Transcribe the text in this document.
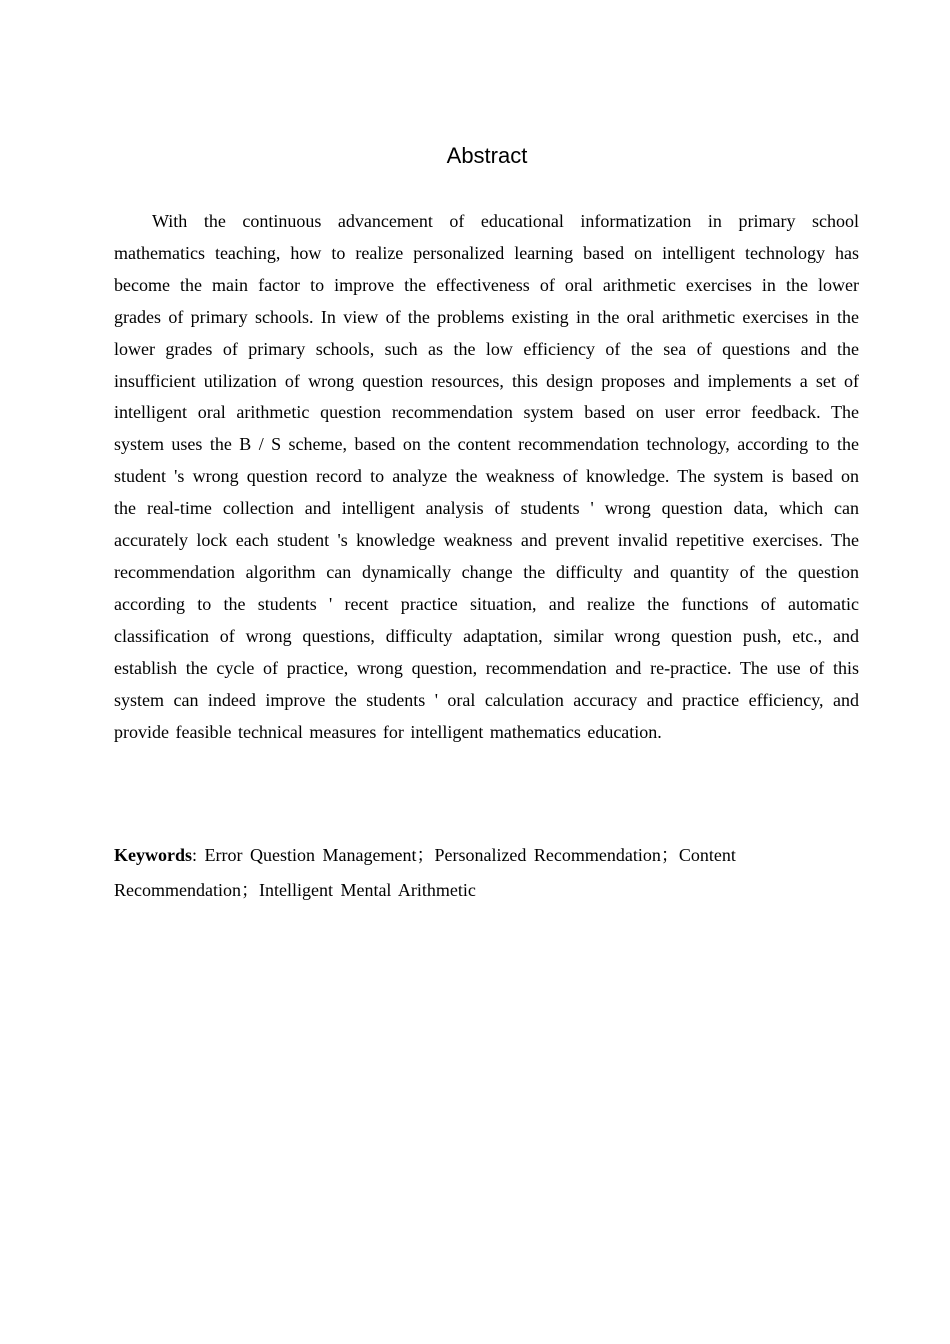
Abstract

With the continuous advancement of educational informatization in primary school mathematics teaching, how to realize personalized learning based on intelligent technology has become the main factor to improve the effectiveness of oral arithmetic exercises in the lower grades of primary schools. In view of the problems existing in the oral arithmetic exercises in the lower grades of primary schools, such as the low efficiency of the sea of questions and the insufficient utilization of wrong question resources, this design proposes and implements a set of intelligent oral arithmetic question recommendation system based on user error feedback. The system uses the B / S scheme, based on the content recommendation technology, according to the student 's wrong question record to analyze the weakness of knowledge. The system is based on the real-time collection and intelligent analysis of students ' wrong question data, which can accurately lock each student 's knowledge weakness and prevent invalid repetitive exercises. The recommendation algorithm can dynamically change the difficulty and quantity of the question according to the students ' recent practice situation, and realize the functions of automatic classification of wrong questions, difficulty adaptation, similar wrong question push, etc., and establish the cycle of practice, wrong question, recommendation and re-practice. The use of this system can indeed improve the students ' oral calculation accuracy and practice efficiency, and provide feasible technical measures for intelligent mathematics education.

Keywords: Error Question Management；Personalized Recommendation；Content Recommendation；Intelligent Mental Arithmetic
